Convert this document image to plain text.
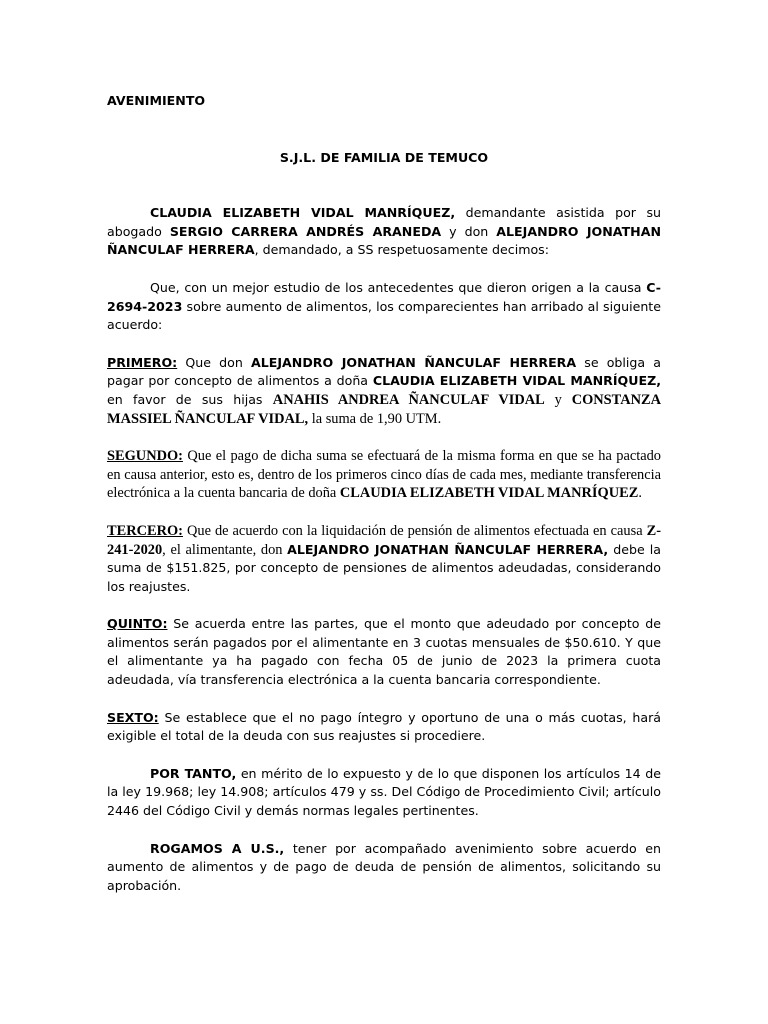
AVENIMIENTO
S.J.L. DE FAMILIA DE TEMUCO

CLAUDIA ELIZABETH VIDAL MANRÍQUEZ, demandante asistida por su abogado SERGIO CARRERA ANDRÉS ARANEDA y don ALEJANDRO JONATHAN ÑANCULAF HERRERA, demandado, a SS respetuosamente decimos:

Que, con un mejor estudio de los antecedentes que dieron origen a la causa C-2694-2023 sobre aumento de alimentos, los comparecientes han arribado al siguiente acuerdo:

PRIMERO: Que don ALEJANDRO JONATHAN ÑANCULAF HERRERA se obliga a pagar por concepto de alimentos a doña CLAUDIA ELIZABETH VIDAL MANRÍQUEZ, en favor de sus hijas ANAHIS ANDREA ÑANCULAF VIDAL y CONSTANZA MASSIEL ÑANCULAF VIDAL, la suma de 1,90 UTM.

SEGUNDO: Que el pago de dicha suma se efectuará de la misma forma en que se ha pactado en causa anterior, esto es, dentro de los primeros cinco días de cada mes, mediante transferencia electrónica a la cuenta bancaria de doña CLAUDIA ELIZABETH VIDAL MANRÍQUEZ.

TERCERO: Que de acuerdo con la liquidación de pensión de alimentos efectuada en causa Z-241-2020, el alimentante, don ALEJANDRO JONATHAN ÑANCULAF HERRERA, debe la suma de $151.825, por concepto de pensiones de alimentos adeudadas, considerando los reajustes.

QUINTO: Se acuerda entre las partes, que el monto que adeudado por concepto de alimentos serán pagados por el alimentante en 3 cuotas mensuales de $50.610. Y que el alimentante ya ha pagado con fecha 05 de junio de 2023 la primera cuota adeudada, vía transferencia electrónica a la cuenta bancaria correspondiente.

SEXTO: Se establece que el no pago íntegro y oportuno de una o más cuotas, hará exigible el total de la deuda con sus reajustes si procediere.

POR TANTO, en mérito de lo expuesto y de lo que disponen los artículos 14 de la ley 19.968; ley 14.908; artículos 479 y ss. Del Código de Procedimiento Civil; artículo 2446 del Código Civil y demás normas legales pertinentes.

ROGAMOS A U.S., tener por acompañado avenimiento sobre acuerdo en aumento de alimentos y de pago de deuda de pensión de alimentos, solicitando su aprobación.
